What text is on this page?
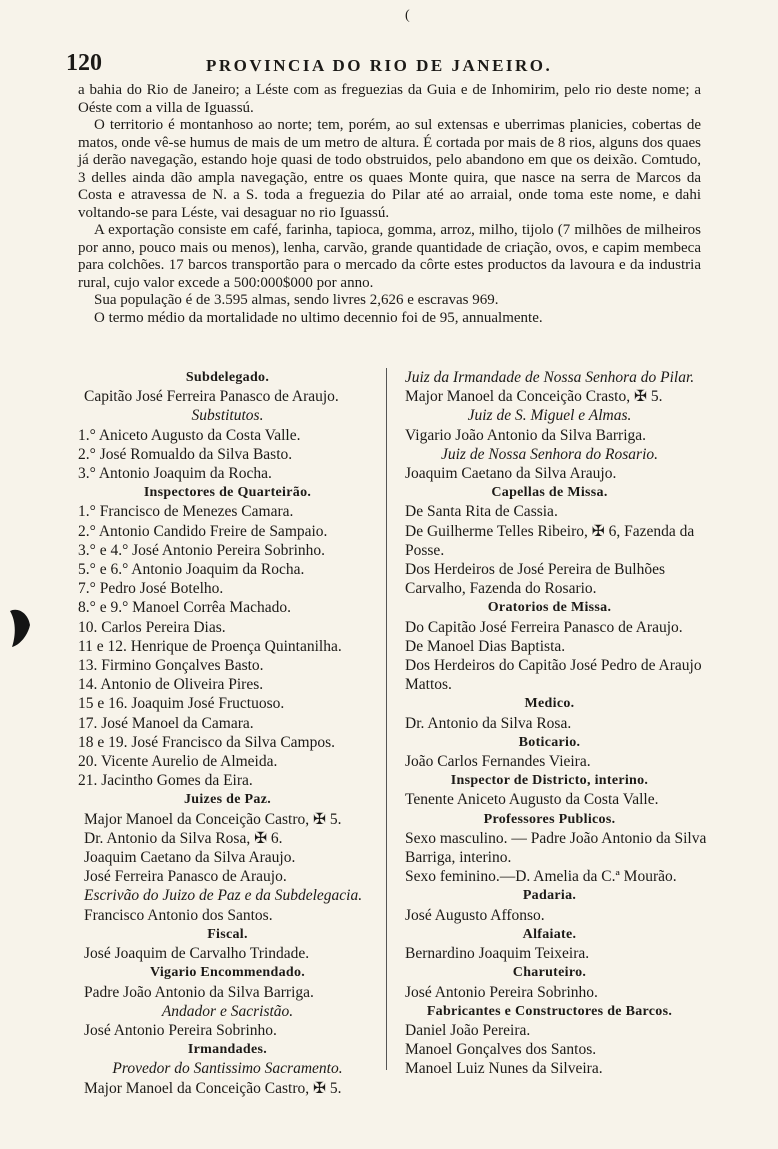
(
120	PROVINCIA DO RIO DE JANEIRO.

a bahia do Rio de Janeiro; a Léste com as freguezias da Guia e de Inhomirim, pelo rio deste nome; a Oéste com a villa de Iguassú.

O territorio é montanhoso ao norte; tem, porém, ao sul extensas e uberrimas planicies, cobertas de matos, onde vê-se humus de mais de um metro de altura. É cortada por mais de 8 rios, alguns dos quaes já derão navegação, estando hoje quasi de todo obstruidos, pelo abandono em que os deixão. Comtudo, 3 delles ainda dão ampla navegação, entre os quaes Monte quira, que nasce na serra de Marcos da Costa e atravessa de N. a S. toda a freguezia do Pilar até ao arraial, onde toma este nome, e dahi voltando-se para Léste, vai desaguar no rio Iguassú.

A exportação consiste em café, farinha, tapioca, gomma, arroz, milho, tijolo (7 milhões de milheiros por anno, pouco mais ou menos), lenha, carvão, grande quantidade de criação, ovos, e capim membeca para colchões. 17 barcos transportão para o mercado da côrte estes productos da lavoura e da industria rural, cujo valor excede a 500:000$000 por anno.

Sua população é de 3.595 almas, sendo livres 2,626 e escravas 969.

O termo médio da mortalidade no ultimo decennio foi de 95, annualmente.

Subdelegado.
Capitão José Ferreira Panasco de Araujo.
Substitutos.
1.° Aniceto Augusto da Costa Valle.
2.° José Romualdo da Silva Basto.
3.° Antonio Joaquim da Rocha.
Inspectores de Quarteirão.
1.° Francisco de Menezes Camara.
2.° Antonio Candido Freire de Sampaio.
3.° e 4.° José Antonio Pereira Sobrinho.
5.° e 6.° Antonio Joaquim da Rocha.
7.° Pedro José Botelho.
8.° e 9.° Manoel Corrêa Machado.
10. Carlos Pereira Dias.
11 e 12. Henrique de Proença Quintanilha.
13. Firmino Gonçalves Basto.
14. Antonio de Oliveira Pires.
15 e 16. Joaquim José Fructuoso.
17. José Manoel da Camara.
18 e 19. José Francisco da Silva Campos.
20. Vicente Aurelio de Almeida.
21. Jacintho Gomes da Eira.
Juizes de Paz.
Major Manoel da Conceição Castro, ✠ 5.
Dr. Antonio da Silva Rosa, ✠ 6.
Joaquim Caetano da Silva Araujo.
José Ferreira Panasco de Araujo.
Escrivão do Juizo de Paz e da Subdelegacia.
Francisco Antonio dos Santos.
Fiscal.
José Joaquim de Carvalho Trindade.
Vigario Encommendado.
Padre João Antonio da Silva Barriga.
Andador e Sacristão.
José Antonio Pereira Sobrinho.
Irmandades.
Provedor do Santissimo Sacramento.
Major Manoel da Conceição Castro, ✠ 5.
Juiz da Irmandade de Nossa Senhora do Pilar.
Major Manoel da Conceição Crasto, ✠ 5.
Juiz de S. Miguel e Almas.
Vigario João Antonio da Silva Barriga.
Juiz de Nossa Senhora do Rosario.
Joaquim Caetano da Silva Araujo.
Capellas de Missa.
De Santa Rita de Cassia.
De Guilherme Telles Ribeiro, ✠ 6, Fazenda da Posse.
Dos Herdeiros de José Pereira de Bulhões Carvalho, Fazenda do Rosario.
Oratorios de Missa.
Do Capitão José Ferreira Panasco de Araujo.
De Manoel Dias Baptista.
Dos Herdeiros do Capitão José Pedro de Araujo Mattos.
Medico.
Dr. Antonio da Silva Rosa.
Boticario.
João Carlos Fernandes Vieira.
Inspector de Districto, interino.
Tenente Aniceto Augusto da Costa Valle.
Professores Publicos.
Sexo masculino. — Padre João Antonio da Silva Barriga, interino.
Sexo feminino.—D. Amelia da C.ª Mourão.
Padaria.
José Augusto Affonso.
Alfaiate.
Bernardino Joaquim Teixeira.
Charuteiro.
José Antonio Pereira Sobrinho.
Fabricantes e Constructores de Barcos.
Daniel João Pereira.
Manoel Gonçalves dos Santos.
Manoel Luiz Nunes da Silveira.
